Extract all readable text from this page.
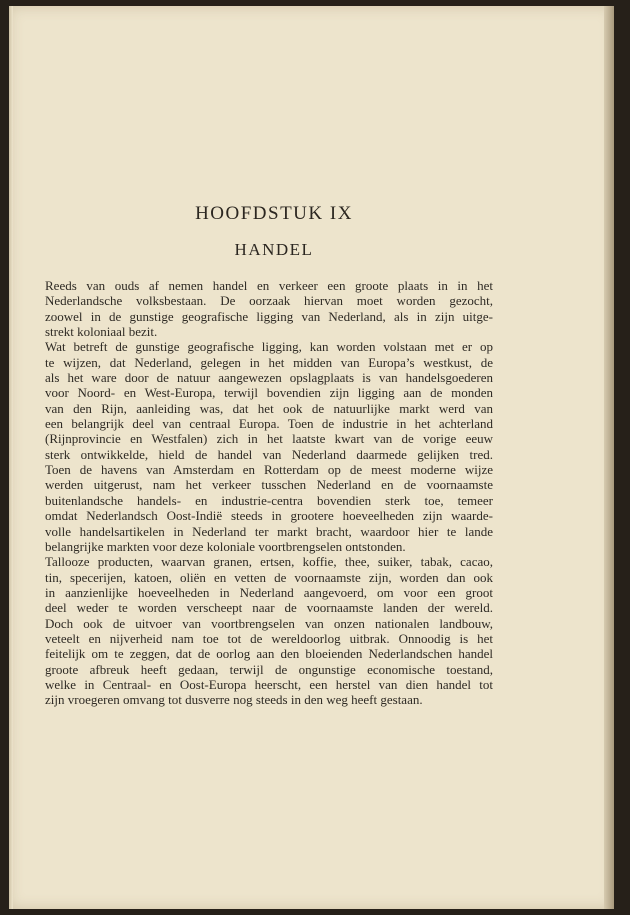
HOOFDSTUK IX
HANDEL
Reeds van ouds af nemen handel en verkeer een groote plaats in in het
Nederlandsche volksbestaan. De oorzaak hiervan moet worden gezocht,
zoowel in de gunstige geografische ligging van Nederland, als in zijn uitge-
strekt koloniaal bezit.
Wat betreft de gunstige geografische ligging, kan worden volstaan met er op
te wijzen, dat Nederland, gelegen in het midden van Europa’s westkust, de
als het ware door de natuur aangewezen opslagplaats is van handelsgoederen
voor Noord- en West-Europa, terwijl bovendien zijn ligging aan de monden
van den Rijn, aanleiding was, dat het ook de natuurlijke markt werd van
een belangrijk deel van centraal Europa. Toen de industrie in het achterland
(Rijnprovincie en Westfalen) zich in het laatste kwart van de vorige eeuw
sterk ontwikkelde, hield de handel van Nederland daarmede gelijken tred.
Toen de havens van Amsterdam en Rotterdam op de meest moderne wijze
werden uitgerust, nam het verkeer tusschen Nederland en de voornaamste
buitenlandsche handels- en industrie-centra bovendien sterk toe, temeer
omdat Nederlandsch Oost-Indië steeds in grootere hoeveelheden zijn waarde-
volle handelsartikelen in Nederland ter markt bracht, waardoor hier te lande
belangrijke markten voor deze koloniale voortbrengselen ontstonden.
Tallooze producten, waarvan granen, ertsen, koffie, thee, suiker, tabak, cacao,
tin, specerijen, katoen, oliën en vetten de voornaamste zijn, worden dan ook
in aanzienlijke hoeveelheden in Nederland aangevoerd, om voor een groot
deel weder te worden verscheept naar de voornaamste landen der wereld.
Doch ook de uitvoer van voortbrengselen van onzen nationalen landbouw,
veteelt en nijverheid nam toe tot de wereldoorlog uitbrak. Onnoodig is het
feitelijk om te zeggen, dat de oorlog aan den bloeienden Nederlandschen handel
groote afbreuk heeft gedaan, terwijl de ongunstige economische toestand,
welke in Centraal- en Oost-Europa heerscht, een herstel van dien handel tot
zijn vroegeren omvang tot dusverre nog steeds in den weg heeft gestaan.
